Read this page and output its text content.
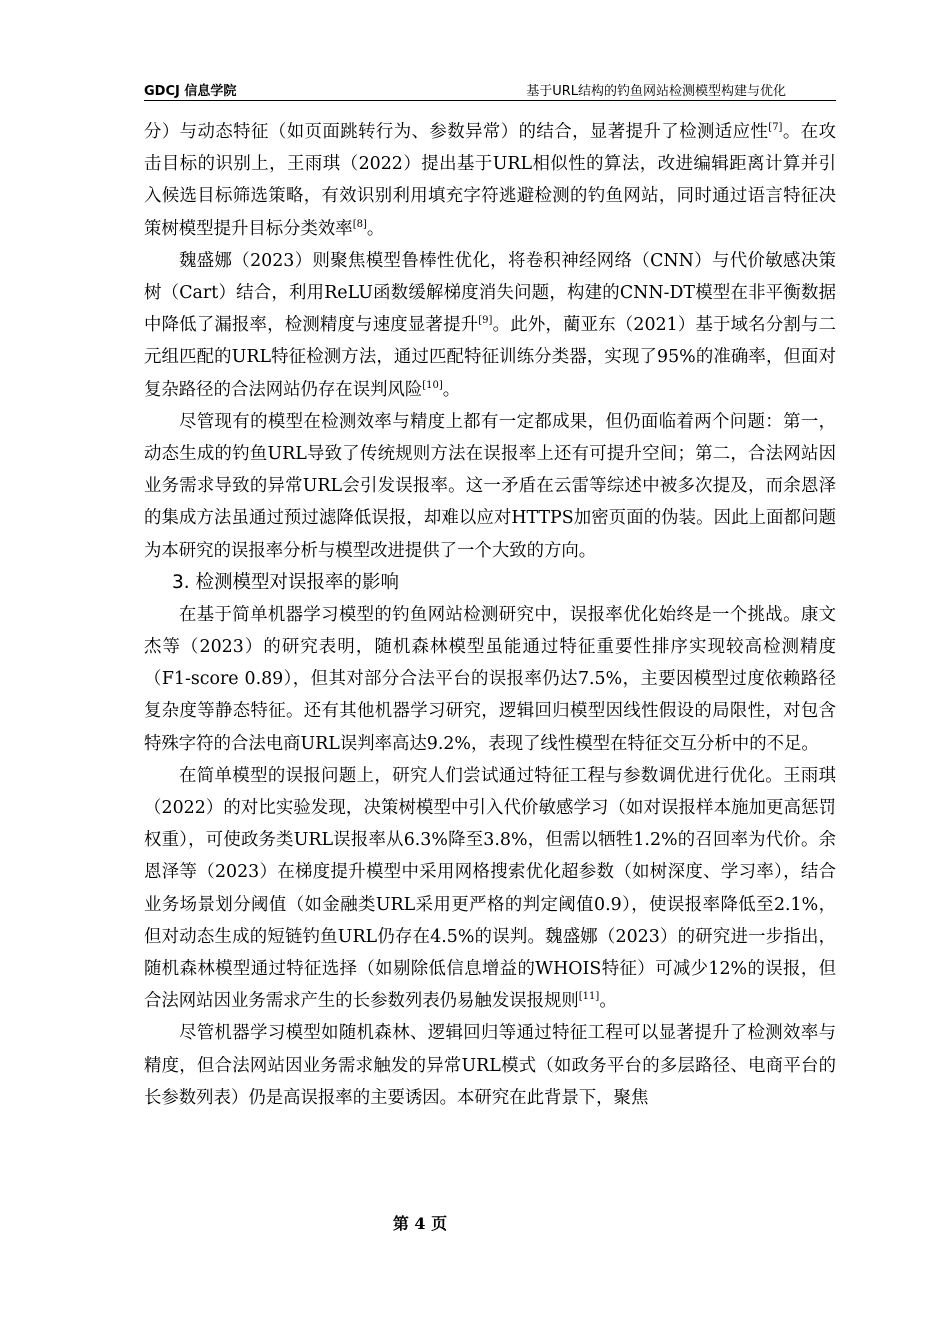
GDCJ 信息学院	基于URL结构的钓鱼网站检测模型构建与优化

分）与动态特征（如页面跳转行为、参数异常）的结合，显著提升了检测适应性[7]。在攻击目标的识别上，王雨琪（2022）提出基于URL相似性的算法，改进编辑距离计算并引入候选目标筛选策略，有效识别利用填充字符逃避检测的钓鱼网站，同时通过语言特征决策树模型提升目标分类效率[8]。

魏盛娜（2023）则聚焦模型鲁棒性优化，将卷积神经网络（CNN）与代价敏感决策树（Cart）结合，利用ReLU函数缓解梯度消失问题，构建的CNN-DT模型在非平衡数据中降低了漏报率，检测精度与速度显著提升[9]。此外，藺亚东（2021）基于域名分割与二元组匹配的URL特征检测方法，通过匹配特征训练分类器，实现了95%的准确率，但面对复杂路径的合法网站仍存在误判风险[10]。

尽管现有的模型在检测效率与精度上都有一定都成果，但仍面临着两个问题：第一，动态生成的钓鱼URL导致了传统规则方法在误报率上还有可提升空间；第二，合法网站因业务需求导致的异常URL会引发误报率。这一矛盾在云雷等综述中被多次提及，而余恩泽的集成方法虽通过预过滤降低误报，却难以应对HTTPS加密页面的伪装。因此上面都问题为本研究的误报率分析与模型改进提供了一个大致的方向。

3. 检测模型对误报率的影响

在基于简单机器学习模型的钓鱼网站检测研究中，误报率优化始终是一个挑战。康文杰等（2023）的研究表明，随机森林模型虽能通过特征重要性排序实现较高检测精度（F1-score 0.89），但其对部分合法平台的误报率仍达7.5%，主要因模型过度依赖路径复杂度等静态特征。还有其他机器学习研究，逻辑回归模型因线性假设的局限性，对包含特殊字符的合法电商URL误判率高达9.2%，表现了线性模型在特征交互分析中的不足。

在简单模型的误报问题上，研究人们尝试通过特征工程与参数调优进行优化。王雨琪（2022）的对比实验发现，决策树模型中引入代价敏感学习（如对误报样本施加更高惩罚权重），可使政务类URL误报率从6.3%降至3.8%，但需以牺牲1.2%的召回率为代价。余恩泽等（2023）在梯度提升模型中采用网格搜索优化超参数（如树深度、学习率），结合业务场景划分阈值（如金融类URL采用更严格的判定阈值0.9），使误报率降低至2.1%，但对动态生成的短链钓鱼URL仍存在4.5%的误判。魏盛娜（2023）的研究进一步指出，随机森林模型通过特征选择（如剔除低信息增益的WHOIS特征）可减少12%的误报，但合法网站因业务需求产生的长参数列表仍易触发误报规则[11]。

尽管机器学习模型如随机森林、逻辑回归等通过特征工程可以显著提升了检测效率与精度，但合法网站因业务需求触发的异常URL模式（如政务平台的多层路径、电商平台的长参数列表）仍是高误报率的主要诱因。本研究在此背景下，聚焦

第 4 页
